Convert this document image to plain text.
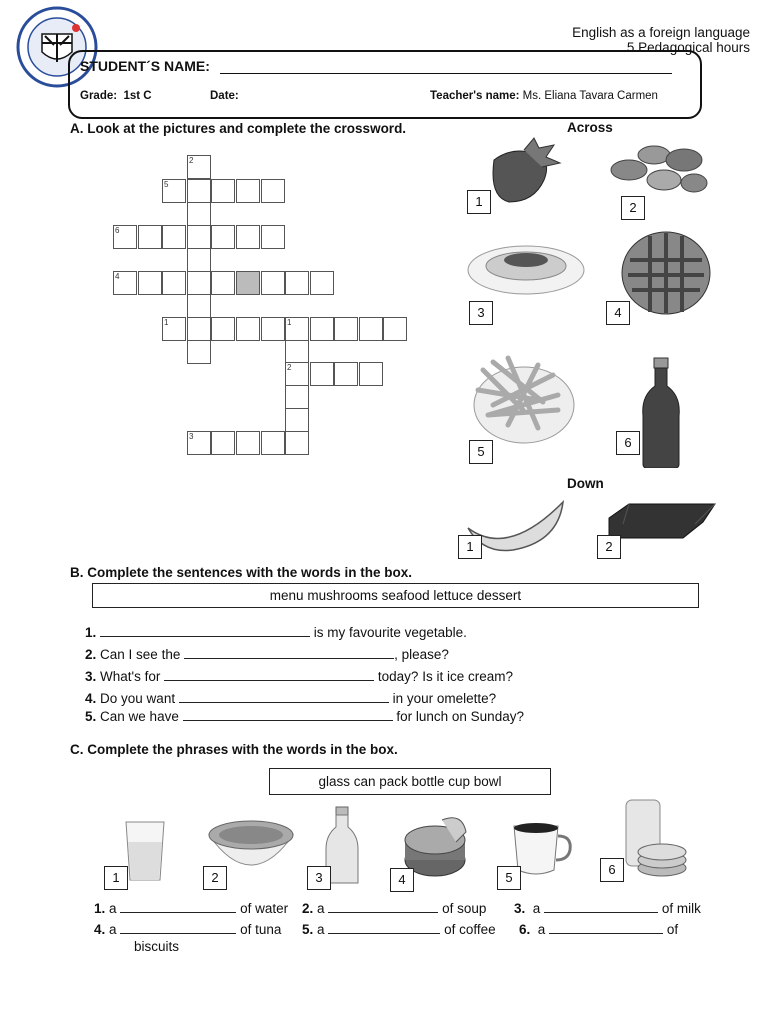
English as a foreign language
5 Pedagogical hours
STUDENT´S NAME:
Grade: 1st C	Date:	Teacher's name: Ms. Eliana Tavara Carmen
A. Look at the pictures and complete the crossword.	Across
2
5
6
4
1	1
2
3
1	2
3	4
5
6
Down
1	2
B. Complete the sentences with the words in the box.
menu mushrooms seafood lettuce dessert
1.	is my favourite vegetable.
2. Can I see the	, please?
3. What's for	today? Is it ice cream?
4. Do you want	in your omelette?
5. Can we have	for lunch on Sunday?
C. Complete the phrases with the words in the box.
glass can pack bottle cup bowl
1	2	3	4	5
6
1. a	of water 2. a	of soup 3. a	of milk
4. a	of tuna 5. a	of coffee 6. a	of
biscuits
